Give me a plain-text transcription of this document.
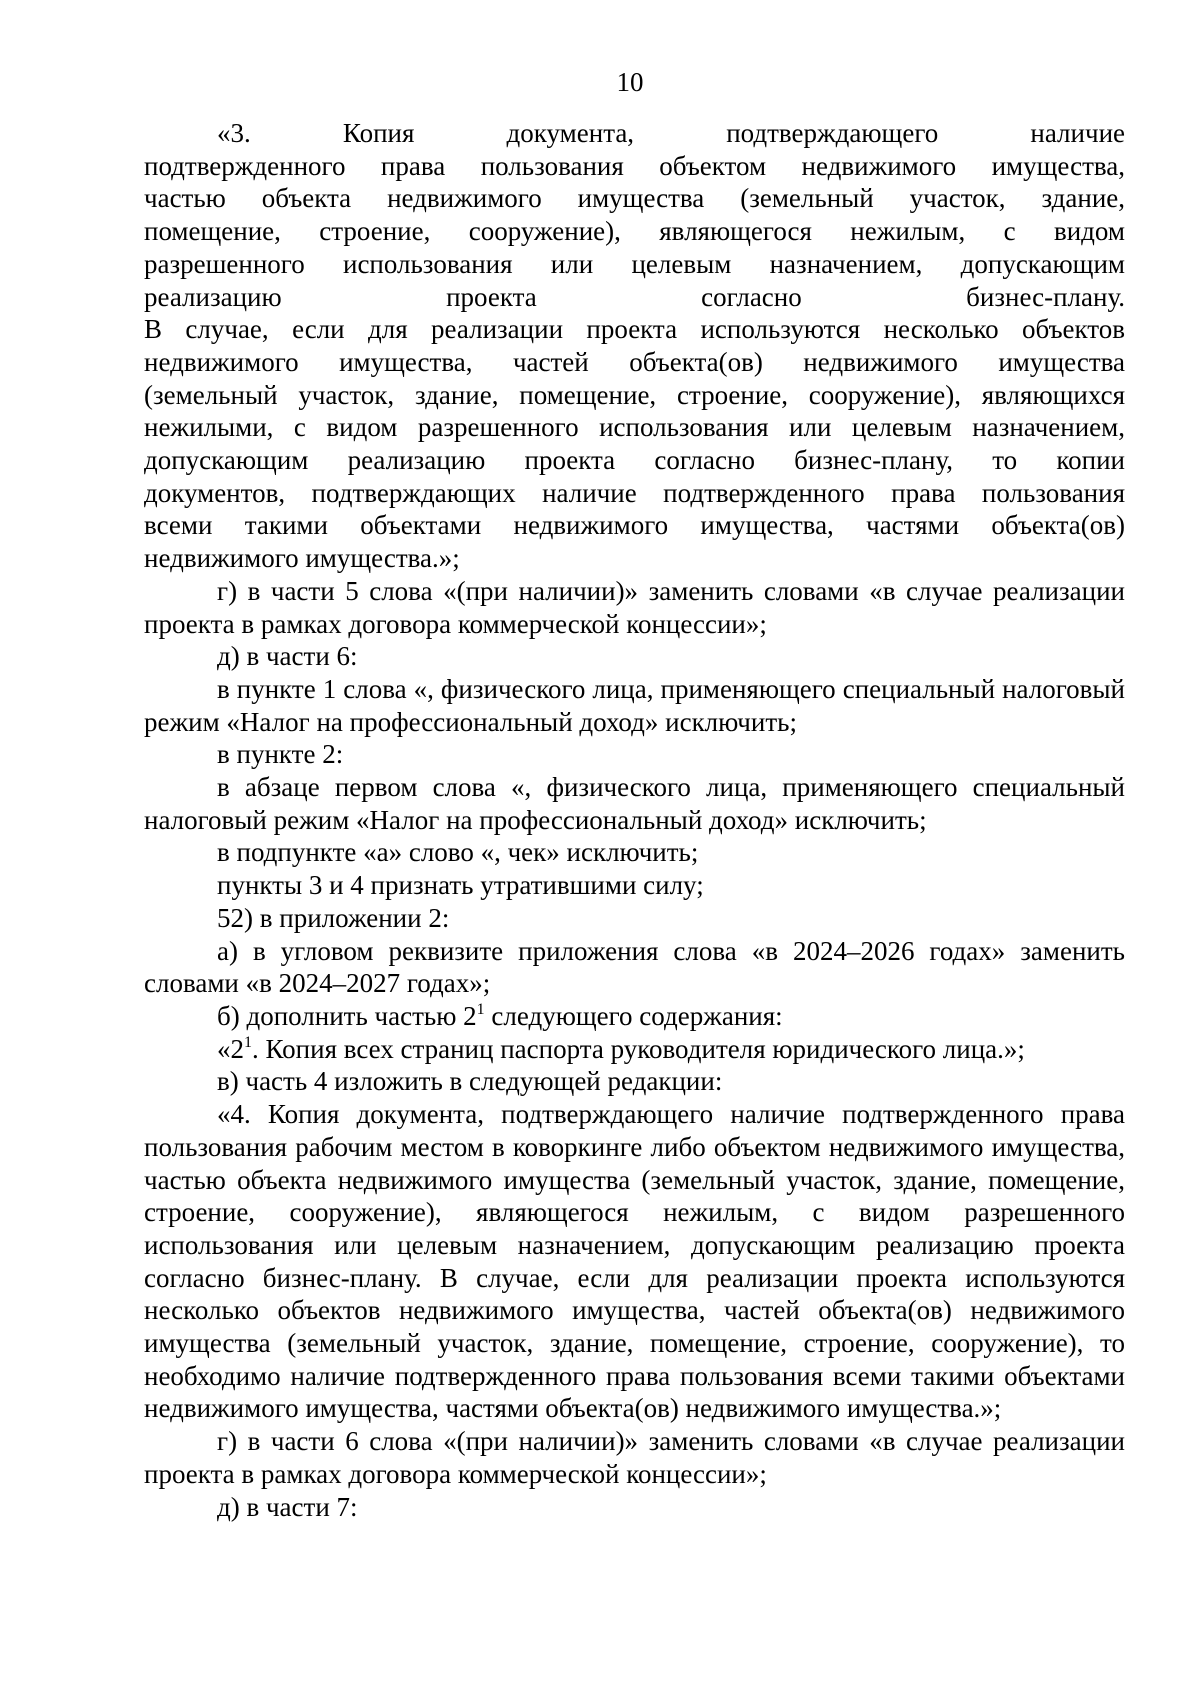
10
«3. Копия документа, подтверждающего наличие
подтвержденного права пользования объектом недвижимого имущества,
частью объекта недвижимого имущества (земельный участок, здание,
помещение, строение, сооружение), являющегося нежилым, с видом
разрешенного использования или целевым назначением, допускающим
реализацию проекта согласно бизнес-плану.
В случае, если для реализации проекта используются несколько объектов
недвижимого имущества, частей объекта(ов) недвижимого имущества
(земельный участок, здание, помещение, строение, сооружение), являющихся
нежилыми, с видом разрешенного использования или целевым назначением,
допускающим реализацию проекта согласно бизнес-плану, то копии
документов, подтверждающих наличие подтвержденного права пользования
всеми такими объектами недвижимого имущества, частями объекта(ов)
недвижимого имущества.»;

г) в части 5 слова «(при наличии)» заменить словами «в случае реализации проекта в рамках договора коммерческой концессии»;

д) в части 6:

в пункте 1 слова «, физического лица, применяющего специальный налоговый режим «Налог на профессиональный доход» исключить;

в пункте 2:

в абзаце первом слова «, физического лица, применяющего специальный налоговый режим «Налог на профессиональный доход» исключить;

в подпункте «а» слово «, чек» исключить;

пункты 3 и 4 признать утратившими силу;

52) в приложении 2:

а) в угловом реквизите приложения слова «в 2024–2026 годах» заменить словами «в 2024–2027 годах»;

б) дополнить частью $2^1$ следующего содержания:

«$2^1$. Копия всех страниц паспорта руководителя юридического лица.»;

в) часть 4 изложить в следующей редакции:

«4. Копия документа, подтверждающего наличие подтвержденного права пользования рабочим местом в коворкинге либо объектом недвижимого имущества, частью объекта недвижимого имущества (земельный участок, здание, помещение, строение, сооружение), являющегося нежилым, с видом разрешенного использования или целевым назначением, допускающим реализацию проекта согласно бизнес-плану. В случае, если для реализации проекта используются несколько объектов недвижимого имущества, частей объекта(ов) недвижимого имущества (земельный участок, здание, помещение, строение, сооружение), то необходимо наличие подтвержденного права пользования всеми такими объектами недвижимого имущества, частями объекта(ов) недвижимого имущества.»;

г) в части 6 слова «(при наличии)» заменить словами «в случае реализации проекта в рамках договора коммерческой концессии»;

д) в части 7:
